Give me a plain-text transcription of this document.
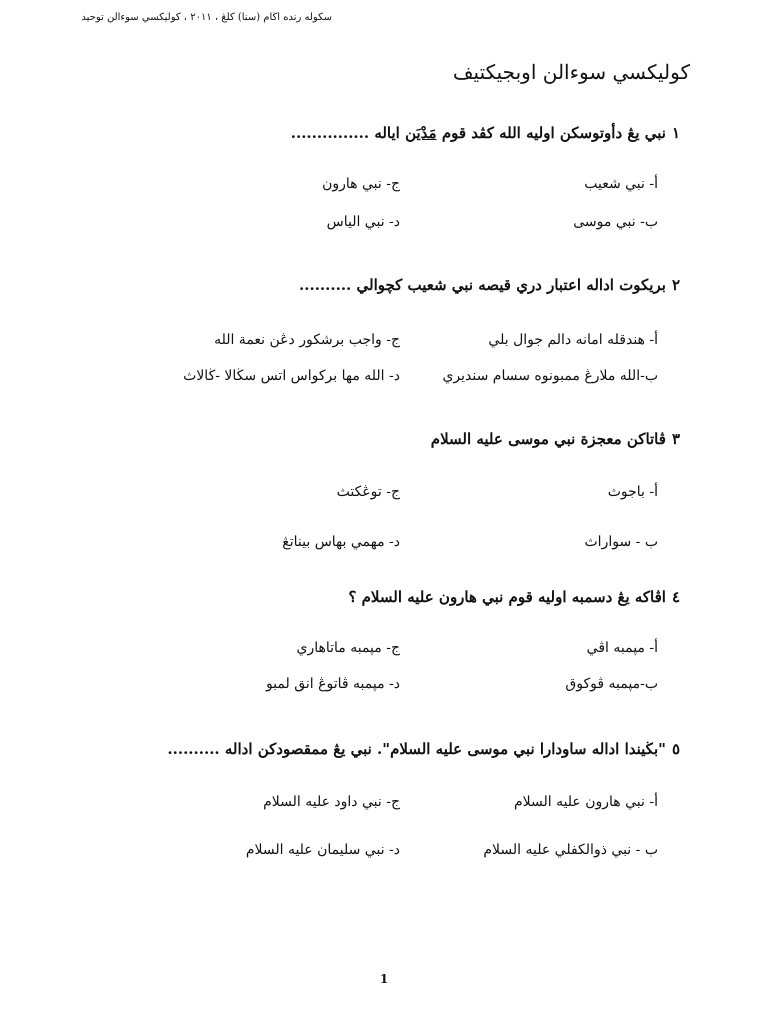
سكوله رنده اڬام (سنا) كلڠ ، ٢٠١١ ، كوليكسي سوءالن توحيد
كوليكسي سوءالن اوبجيكتيف
١نبي يڠ دأوتوسكن اوليه الله كڤد قوم مَدْيَن اياله ...............
أ- نبي شعيب
ج- نبي هارون
ب- نبي موسى
د- نبي الياس
٢بريكوت اداله اعتبار دري قيصه نبي شعيب كچوالي ..........
أ- هندقله امانه دالم جوال بلي
ج- واجب برشكور دڠن نعمة الله
ب-الله ملارڠ ممبونوه سسام سنديري
د- الله مها بركواس اتس سڬالا -ڬالاث
٣ڤاتاكن معجزة نبي موسى عليه السلام
أ- باجوث
ج- توڠكتث
ب - سواراث
د- مهمي بهاس بيناتڠ
٤اڤاكه يڠ دسمبه اوليه قوم نبي هارون عليه السلام ؟
أ- مڽمبه اڤي
ج- مڽمبه ماتاهاري
ب-مڽمبه ڤوكوق
د- مڽمبه ڤاتوڠ انق لمبو
٥"بڬيندا اداله ساودارا نبي موسى عليه السلام". نبي يڠ ممقصودكن اداله ..........
أ- نبي هارون عليه السلام
ج- نبي داود عليه السلام
ب - نبي ذوالكفلي عليه السلام
د- نبي سليمان عليه السلام
1
